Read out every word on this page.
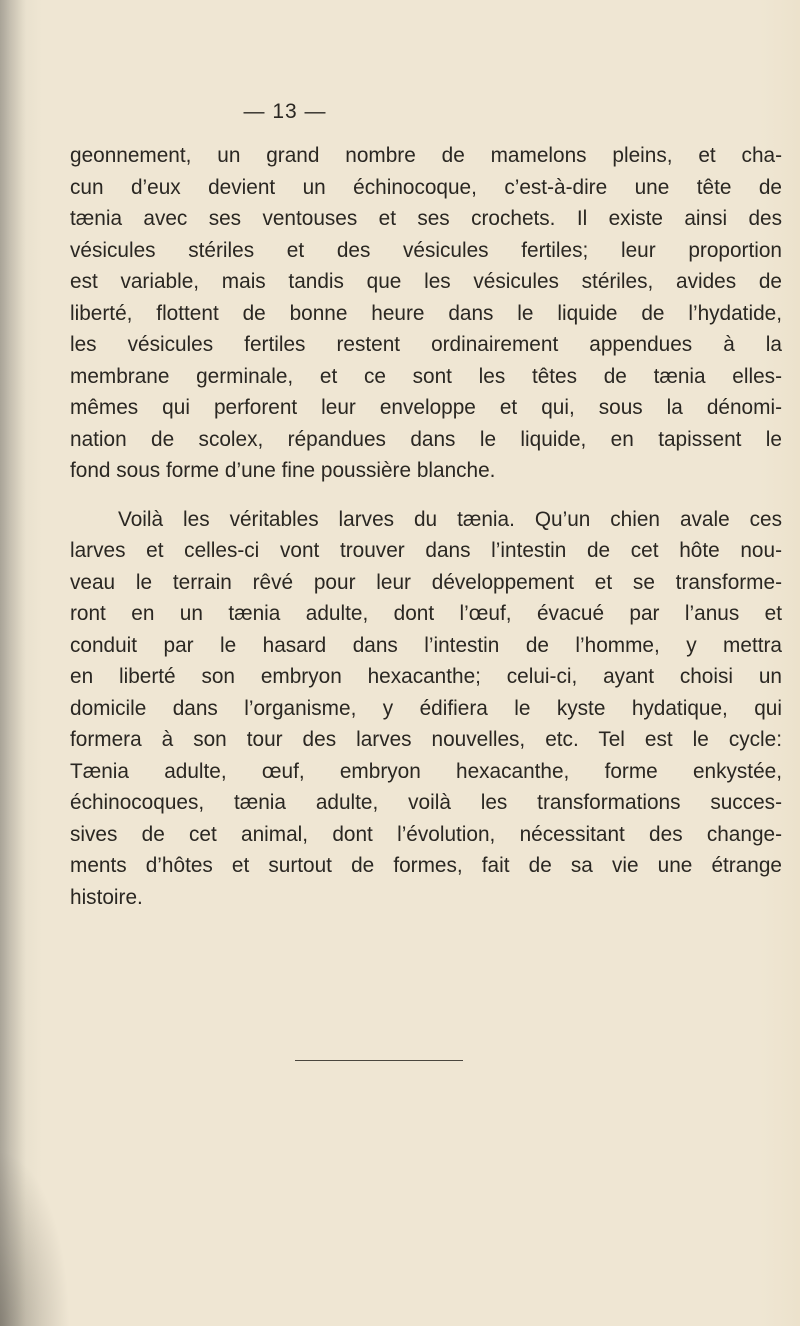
— 13 —
geonnement, un grand nombre de mamelons pleins, et cha-
cun d’eux devient un échinocoque, c’est-à-dire une tête de
tænia avec ses ventouses et ses crochets. Il existe ainsi des
vésicules stériles et des vésicules fertiles; leur proportion
est variable, mais tandis que les vésicules stériles, avides de
liberté, flottent de bonne heure dans le liquide de l’hydatide,
les vésicules fertiles restent ordinairement appendues à la
membrane germinale, et ce sont les têtes de tænia elles-
mêmes qui perforent leur enveloppe et qui, sous la dénomi-
nation de scolex, répandues dans le liquide, en tapissent le
fond sous forme d’une fine poussière blanche.
Voilà les véritables larves du tænia. Qu’un chien avale ces
larves et celles-ci vont trouver dans l’intestin de cet hôte nou-
veau le terrain rêvé pour leur développement et se transforme-
ront en un tænia adulte, dont l’œuf, évacué par l’anus et
conduit par le hasard dans l’intestin de l’homme, y mettra
en liberté son embryon hexacanthe; celui-ci, ayant choisi un
domicile dans l’organisme, y édifiera le kyste hydatique, qui
formera à son tour des larves nouvelles, etc. Tel est le cycle:
Tænia adulte, œuf, embryon hexacanthe, forme enkystée,
échinocoques, tænia adulte, voilà les transformations succes-
sives de cet animal, dont l’évolution, nécessitant des change-
ments d’hôtes et surtout de formes, fait de sa vie une étrange
histoire.
